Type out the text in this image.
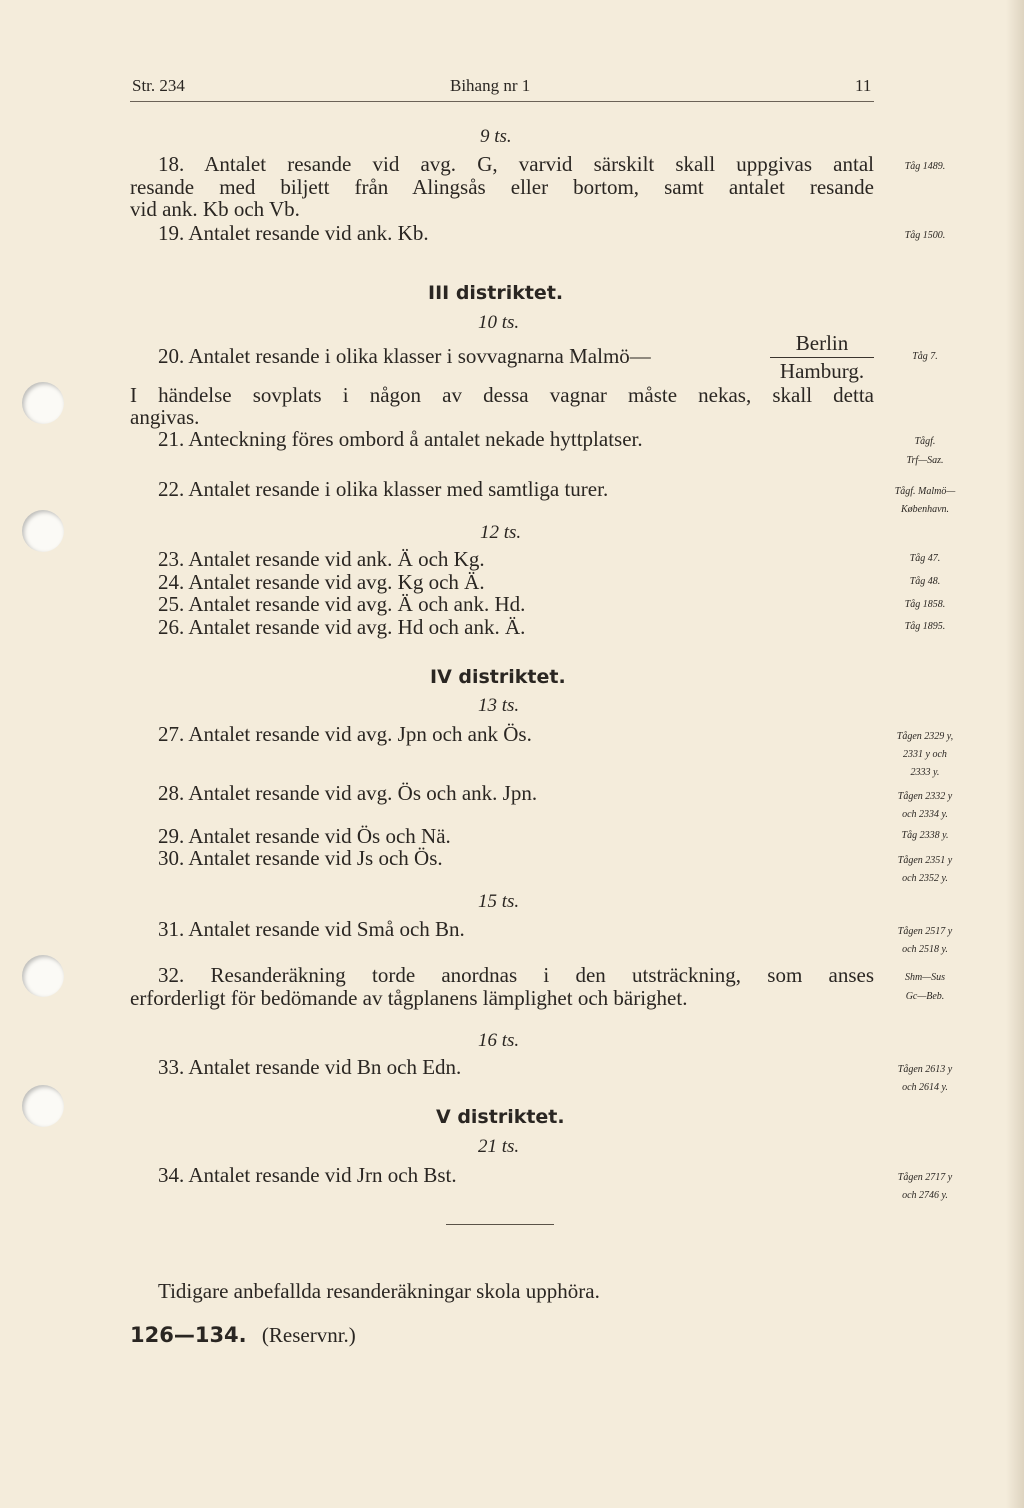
Str. 234	Bihang nr 1	11
9 ts.
18. Antalet resande vid avg. G, varvid särskilt skall uppgivas antal
resande med biljett från Alingsås eller bortom, samt antalet resande
vid ank. Kb och Vb.
Tåg 1489.
19. Antalet resande vid ank. Kb.	Tåg 1500.
III distriktet.
10 ts.
20. Antalet resande i olika klasser i sovvagnarna Malmö—
Berlin
Hamburg.
Tåg 7.
I händelse sovplats i någon av dessa vagnar måste nekas, skall detta
angivas.
21. Anteckning föres ombord å antalet nekade hyttplatser.	Tågf.
Trf—Saz.
22. Antalet resande i olika klasser med samtliga turer.	Tågf. Malmö—
København.
12 ts.
23. Antalet resande vid ank. Ä och Kg.	Tåg 47.
24. Antalet resande vid avg. Kg och Ä.	Tåg 48.
25. Antalet resande vid avg. Ä och ank. Hd.	Tåg 1858.
26. Antalet resande vid avg. Hd och ank. Ä.	Tåg 1895.
IV distriktet.
13 ts.
27. Antalet resande vid avg. Jpn och ank Ös.	Tågen 2329 y,
2331 y och
2333 y.
28. Antalet resande vid avg. Ös och ank. Jpn.	Tågen 2332 y
och 2334 y.
29. Antalet resande vid Ös och Nä.	Tåg 2338 y.
30. Antalet resande vid Js och Ös.	Tågen 2351 y
och 2352 y.
15 ts.
31. Antalet resande vid Små och Bn.	Tågen 2517 y
och 2518 y.
32. Resanderäkning torde anordnas i den utsträckning, som anses
erforderligt för bedömande av tågplanens lämplighet och bärighet.
Shm—Sus
Gc—Beb.
16 ts.
33. Antalet resande vid Bn och Edn.	Tågen 2613 y
och 2614 y.
V distriktet.
21 ts.
34. Antalet resande vid Jrn och Bst.	Tågen 2717 y
och 2746 y.
Tidigare anbefallda resanderäkningar skola upphöra.
126—134. (Reservnr.)
